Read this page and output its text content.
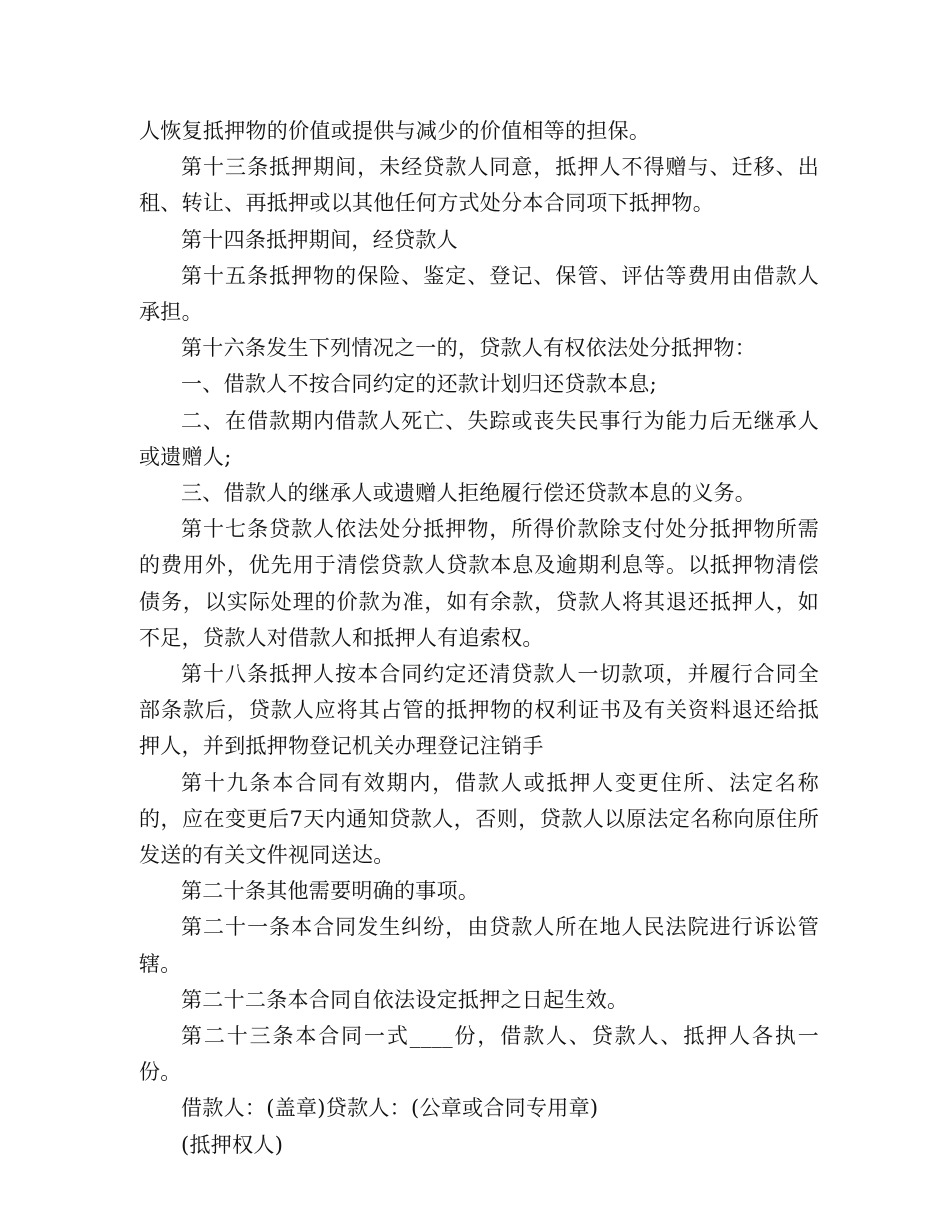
人恢复抵押物的价值或提供与减少的价值相等的担保。

第十三条抵押期间，未经贷款人同意，抵押人不得赠与、迁移、出租、转让、再抵押或以其他任何方式处分本合同项下抵押物。

第十四条抵押期间，经贷款人

第十五条抵押物的保险、鉴定、登记、保管、评估等费用由借款人承担。

第十六条发生下列情况之一的，贷款人有权依法处分抵押物：

一、借款人不按合同约定的还款计划归还贷款本息;

二、在借款期内借款人死亡、失踪或丧失民事行为能力后无继承人或遗赠人;

三、借款人的继承人或遗赠人拒绝履行偿还贷款本息的义务。

第十七条贷款人依法处分抵押物，所得价款除支付处分抵押物所需的费用外，优先用于清偿贷款人贷款本息及逾期利息等。以抵押物清偿债务，以实际处理的价款为准，如有余款，贷款人将其退还抵押人，如不足，贷款人对借款人和抵押人有追索权。

第十八条抵押人按本合同约定还清贷款人一切款项，并履行合同全部条款后，贷款人应将其占管的抵押物的权利证书及有关资料退还给抵押人，并到抵押物登记机关办理登记注销手

第十九条本合同有效期内，借款人或抵押人变更住所、法定名称的，应在变更后7天内通知贷款人，否则，贷款人以原法定名称向原住所发送的有关文件视同送达。

第二十条其他需要明确的事项。

第二十一条本合同发生纠纷，由贷款人所在地人民法院进行诉讼管辖。

第二十二条本合同自依法设定抵押之日起生效。

第二十三条本合同一式____份，借款人、贷款人、抵押人各执一份。

借款人：(盖章)贷款人：(公章或合同专用章)

(抵押权人)
